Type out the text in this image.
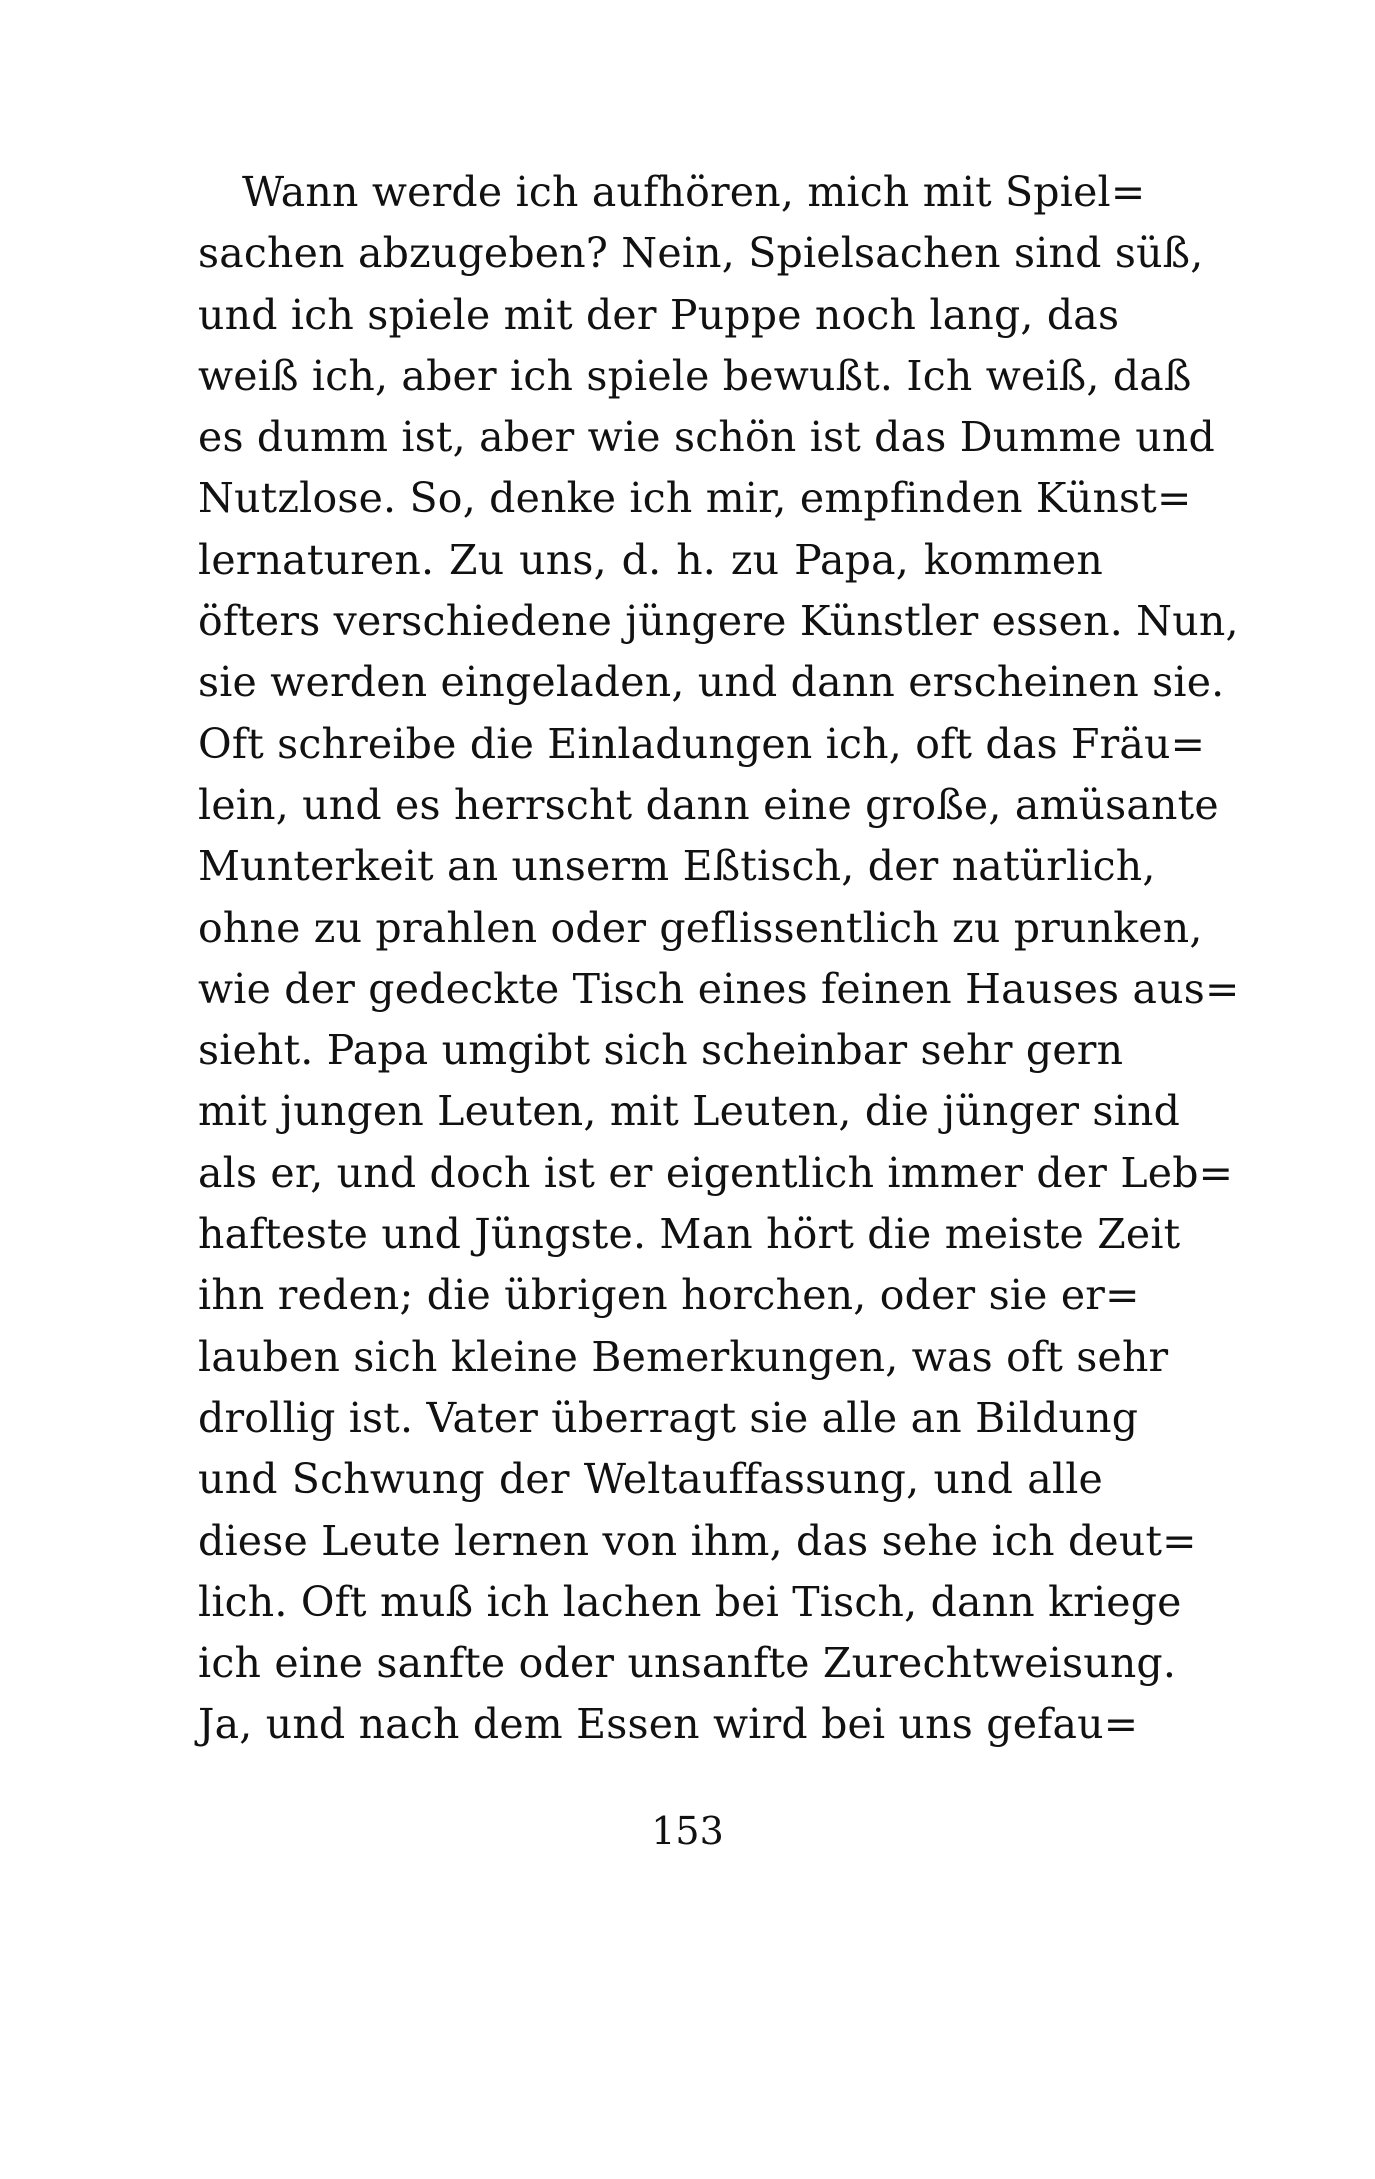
Wann werde ich aufhören, mich mit Spiel=
sachen abzugeben? Nein, Spielsachen sind süß,
und ich spiele mit der Puppe noch lang, das
weiß ich, aber ich spiele bewußt. Ich weiß, daß
es dumm ist, aber wie schön ist das Dumme und
Nutzlose. So, denke ich mir, empfinden Künst=
lernaturen. Zu uns, d. h. zu Papa, kommen
öfters verschiedene jüngere Künstler essen. Nun,
sie werden eingeladen, und dann erscheinen sie.
Oft schreibe die Einladungen ich, oft das Fräu=
lein, und es herrscht dann eine große, amüsante
Munterkeit an unserm Eßtisch, der natürlich,
ohne zu prahlen oder geflissentlich zu prunken,
wie der gedeckte Tisch eines feinen Hauses aus=
sieht. Papa umgibt sich scheinbar sehr gern
mit jungen Leuten, mit Leuten, die jünger sind
als er, und doch ist er eigentlich immer der Leb=
hafteste und Jüngste. Man hört die meiste Zeit
ihn reden; die übrigen horchen, oder sie er=
lauben sich kleine Bemerkungen, was oft sehr
drollig ist. Vater überragt sie alle an Bildung
und Schwung der Weltauffassung, und alle
diese Leute lernen von ihm, das sehe ich deut=
lich. Oft muß ich lachen bei Tisch, dann kriege
ich eine sanfte oder unsanfte Zurechtweisung.
Ja, und nach dem Essen wird bei uns gefau=
153
